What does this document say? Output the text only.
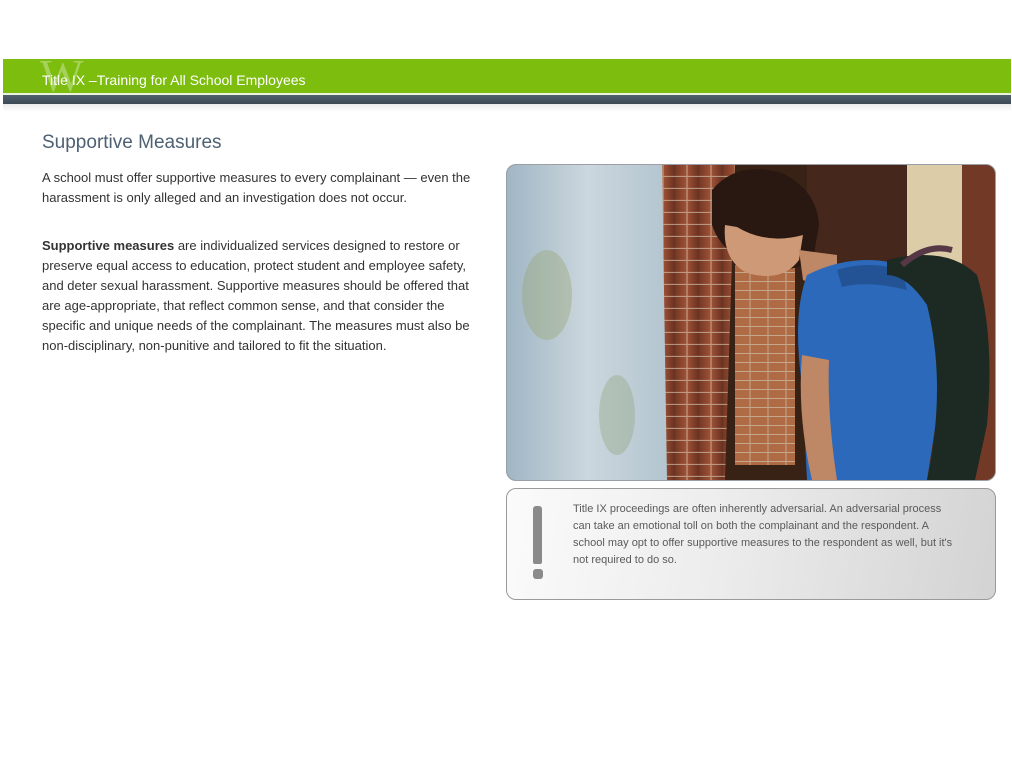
W
Title IX –Training for All School Employees
Supportive Measures
A school must offer supportive measures to every complainant — even the harassment is only alleged and an investigation does not occur.
Supportive measures are individualized services designed to restore or preserve equal access to education, protect student and employee safety, and deter sexual harassment. Supportive measures should be offered that are age-appropriate, that reflect common sense, and that consider the specific and unique needs of the complainant. The measures must also be non-disciplinary, non-punitive and tailored to fit the situation.
Title IX proceedings are often inherently adversarial. An adversarial process can take an emotional toll on both the complainant and the respondent. A school may opt to offer supportive measures to the respondent as well, but it's not required to do so.
